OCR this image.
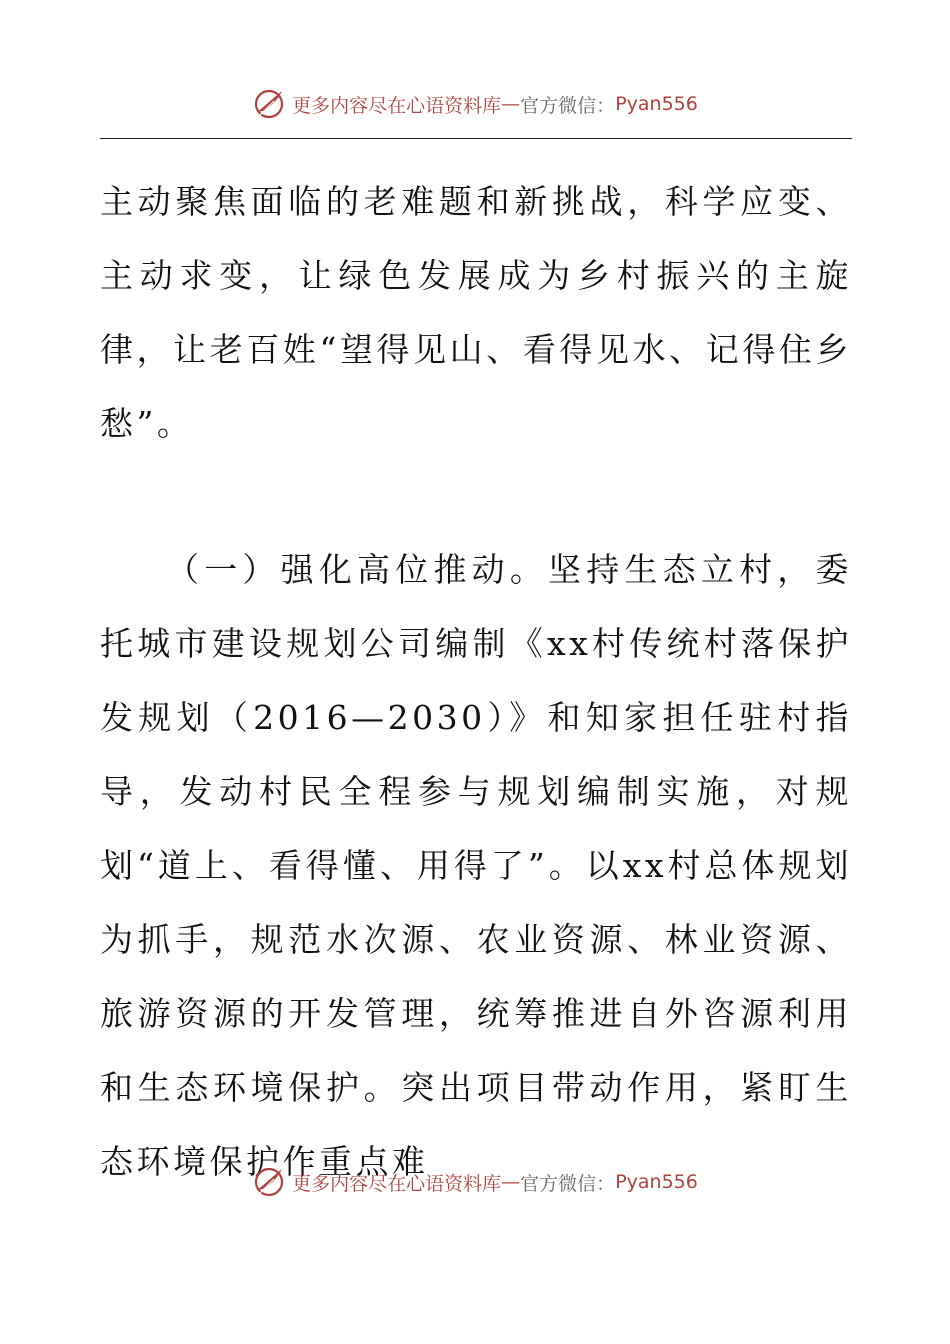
更多内容尽在心语资料库 — 官方微信： Pyan556

主动聚焦面临的老难题和新挑战，科学应变、主动求变，让绿色发展成为乡村振兴的主旋律，让老百姓“望得见山、看得见水、记得住乡愁”。

（一）强化高位推动。坚持生态立村，委托城市建设规划公司编制《xx村传统村落保护发规划（2016—2030）》和知家担任驻村指导，发动村民全程参与规划编制实施，对规划“道上、看得懂、用得了”。以xx村总体规划为抓手，规范水次源、农业资源、林业资源、旅游资源的开发管理，统筹推进自外咨源利用和生态环境保护。突出项目带动作用，紧盯生态环境保护作重点难

更多内容尽在心语资料库 — 官方微信： Pyan556
